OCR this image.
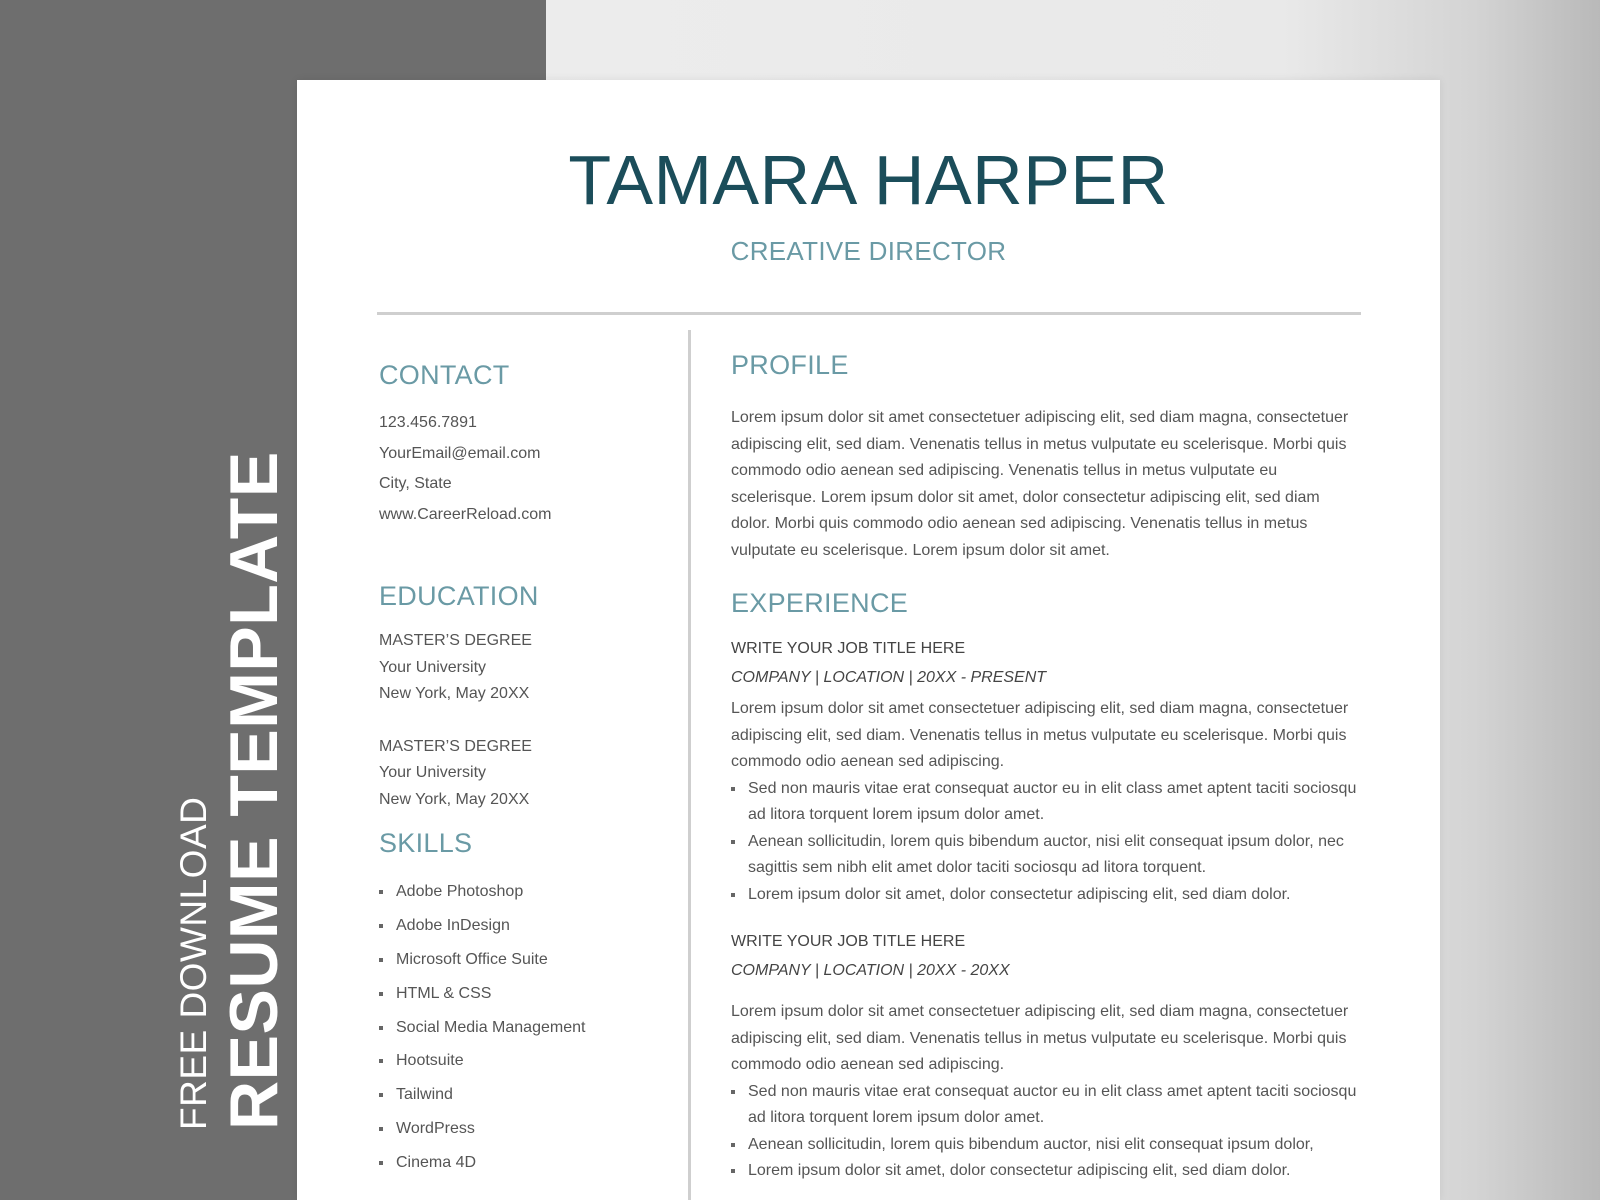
FREE DOWNLOAD RESUME TEMPLATE
TAMARA HARPER
CREATIVE DIRECTOR
CONTACT
123.456.7891
YourEmail@email.com
City, State
www.CareerReload.com
EDUCATION
MASTER’S DEGREE
Your University
New York, May 20XX
MASTER’S DEGREE
Your University
New York, May 20XX
SKILLS
Adobe Photoshop
Adobe InDesign
Microsoft Office Suite
HTML & CSS
Social Media Management
Hootsuite
Tailwind
WordPress
Cinema 4D
PROFILE
Lorem ipsum dolor sit amet consectetuer adipiscing elit, sed diam magna, consectetuer adipiscing elit, sed diam. Venenatis tellus in metus vulputate eu scelerisque. Morbi quis commodo odio aenean sed adipiscing. Venenatis tellus in metus vulputate eu scelerisque. Lorem ipsum dolor sit amet, dolor consectetur adipiscing elit, sed diam dolor. Morbi quis commodo odio aenean sed adipiscing. Venenatis tellus in metus vulputate eu scelerisque. Lorem ipsum dolor sit amet.
EXPERIENCE
WRITE YOUR JOB TITLE HERE
COMPANY | LOCATION | 20XX - PRESENT
Lorem ipsum dolor sit amet consectetuer adipiscing elit, sed diam magna, consectetuer adipiscing elit, sed diam. Venenatis tellus in metus vulputate eu scelerisque. Morbi quis commodo odio aenean sed adipiscing.
Sed non mauris vitae erat consequat auctor eu in elit class amet aptent taciti sociosqu ad litora torquent lorem ipsum dolor amet.
Aenean sollicitudin, lorem quis bibendum auctor, nisi elit consequat ipsum dolor, nec sagittis sem nibh elit amet dolor taciti sociosqu ad litora torquent.
Lorem ipsum dolor sit amet, dolor consectetur adipiscing elit, sed diam dolor.
WRITE YOUR JOB TITLE HERE
COMPANY | LOCATION | 20XX - 20XX
Lorem ipsum dolor sit amet consectetuer adipiscing elit, sed diam magna, consectetuer adipiscing elit, sed diam. Venenatis tellus in metus vulputate eu scelerisque. Morbi quis commodo odio aenean sed adipiscing.
Sed non mauris vitae erat consequat auctor eu in elit class amet aptent taciti sociosqu ad litora torquent lorem ipsum dolor amet.
Aenean sollicitudin, lorem quis bibendum auctor, nisi elit consequat ipsum dolor,
Lorem ipsum dolor sit amet, dolor consectetur adipiscing elit, sed diam dolor.
